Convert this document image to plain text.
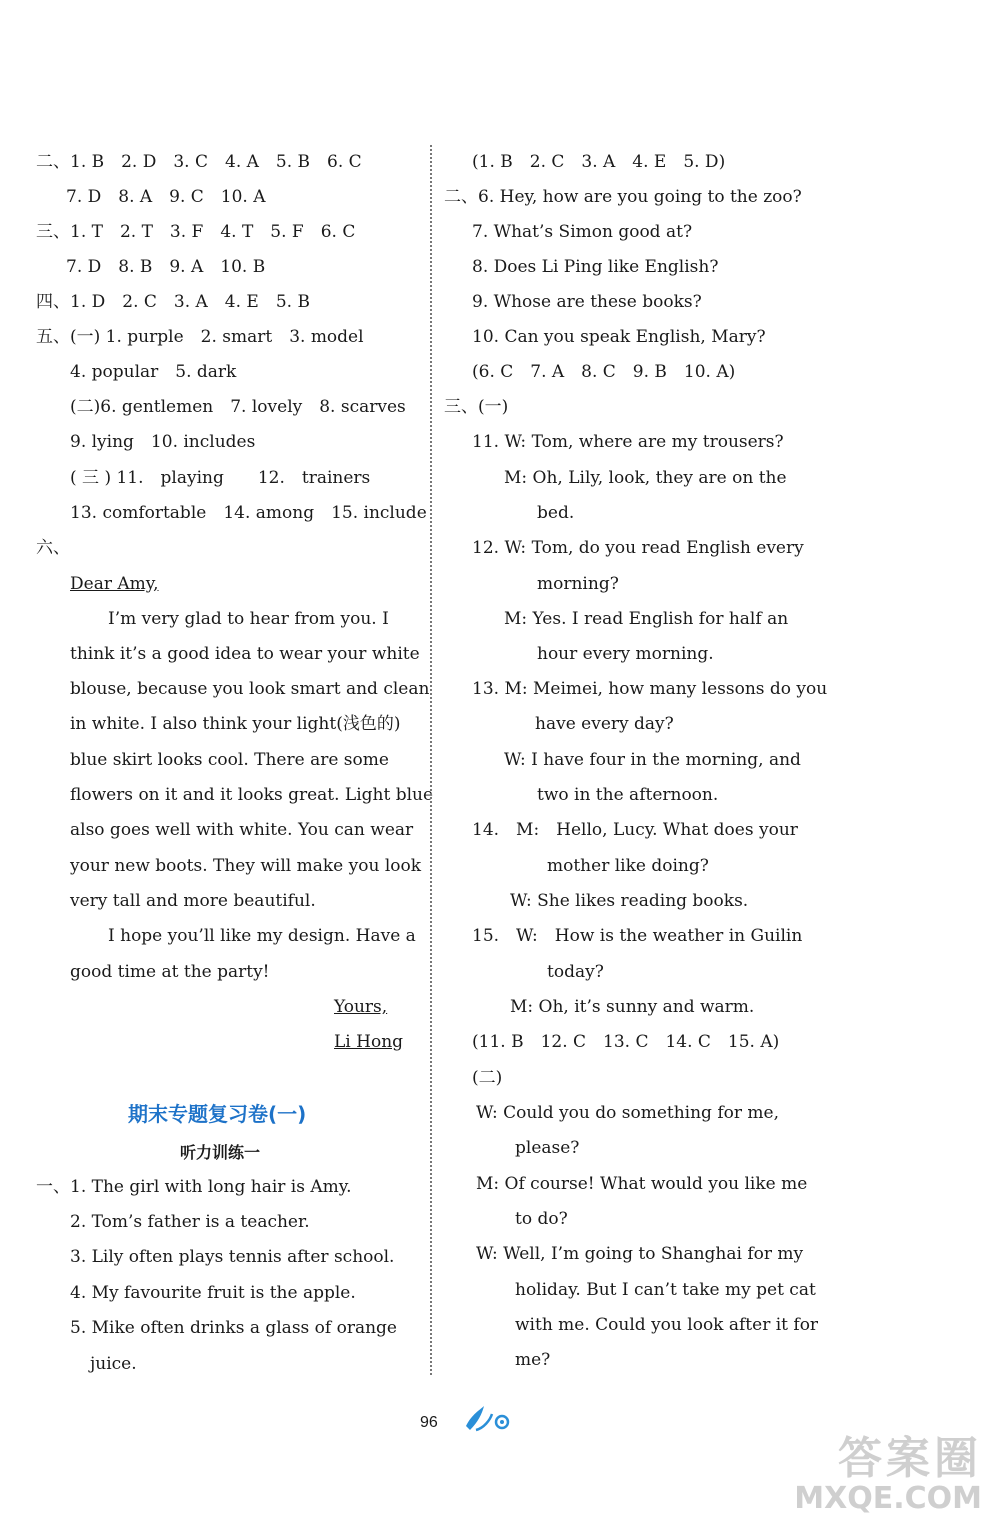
二、1. B　2. D　3. C　4. A　5. B　6. C
7. D　8. A　9. C　10. A
三、1. T　2. T　3. F　4. T　5. F　6. C
7. D　8. B　9. A　10. B
四、1. D　2. C　3. A　4. E　5. B
五、(一) 1. purple　2. smart　3. model
4. popular　5. dark
(二)6. gentlemen　7. lovely　8. scarves
9. lying　10. includes
( 三 ) 11.　playing　　12.　trainers
13. comfortable　14. among　15. include
六、
Dear Amy,
I’m very glad to hear from you. I
think it’s a good idea to wear your white
blouse, because you look smart and clean
in white. I also think your light(浅色的)
blue skirt looks cool. There are some
flowers on it and it looks great. Light blue
also goes well with white. You can wear
your new boots. They will make you look
very tall and more beautiful.
I hope you’ll like my design. Have a
good time at the party!
Yours,
Li Hong
期末专题复习卷(一)
听力训练一
一、1. The girl with long hair is Amy.
2. Tom’s father is a teacher.
3. Lily often plays tennis after school.
4. My favourite fruit is the apple.
5. Mike often drinks a glass of orange
juice.
(1. B　2. C　3. A　4. E　5. D)
二、6. Hey, how are you going to the zoo?
7. What’s Simon good at?
8. Does Li Ping like English?
9. Whose are these books?
10. Can you speak English, Mary?
(6. C　7. A　8. C　9. B　10. A)
三、(一)
11. W: Tom, where are my trousers?
M: Oh, Lily, look, they are on the
bed.
12. W: Tom, do you read English every
morning?
M: Yes. I read English for half an
hour every morning.
13. M: Meimei, how many lessons do you
have every day?
W: I have four in the morning, and
two in the afternoon.
14.　M:　Hello, Lucy. What does your
mother like doing?
W: She likes reading books.
15.　W:　How is the weather in Guilin
today?
M: Oh, it’s sunny and warm.
(11. B　12. C　13. C　14. C　15. A)
(二)
W: Could you do something for me,
please?
M: Of course! What would you like me
to do?
W: Well, I’m going to Shanghai for my
holiday. But I can’t take my pet cat
with me. Could you look after it for
me?
96
答案圈
MXQE.COM
